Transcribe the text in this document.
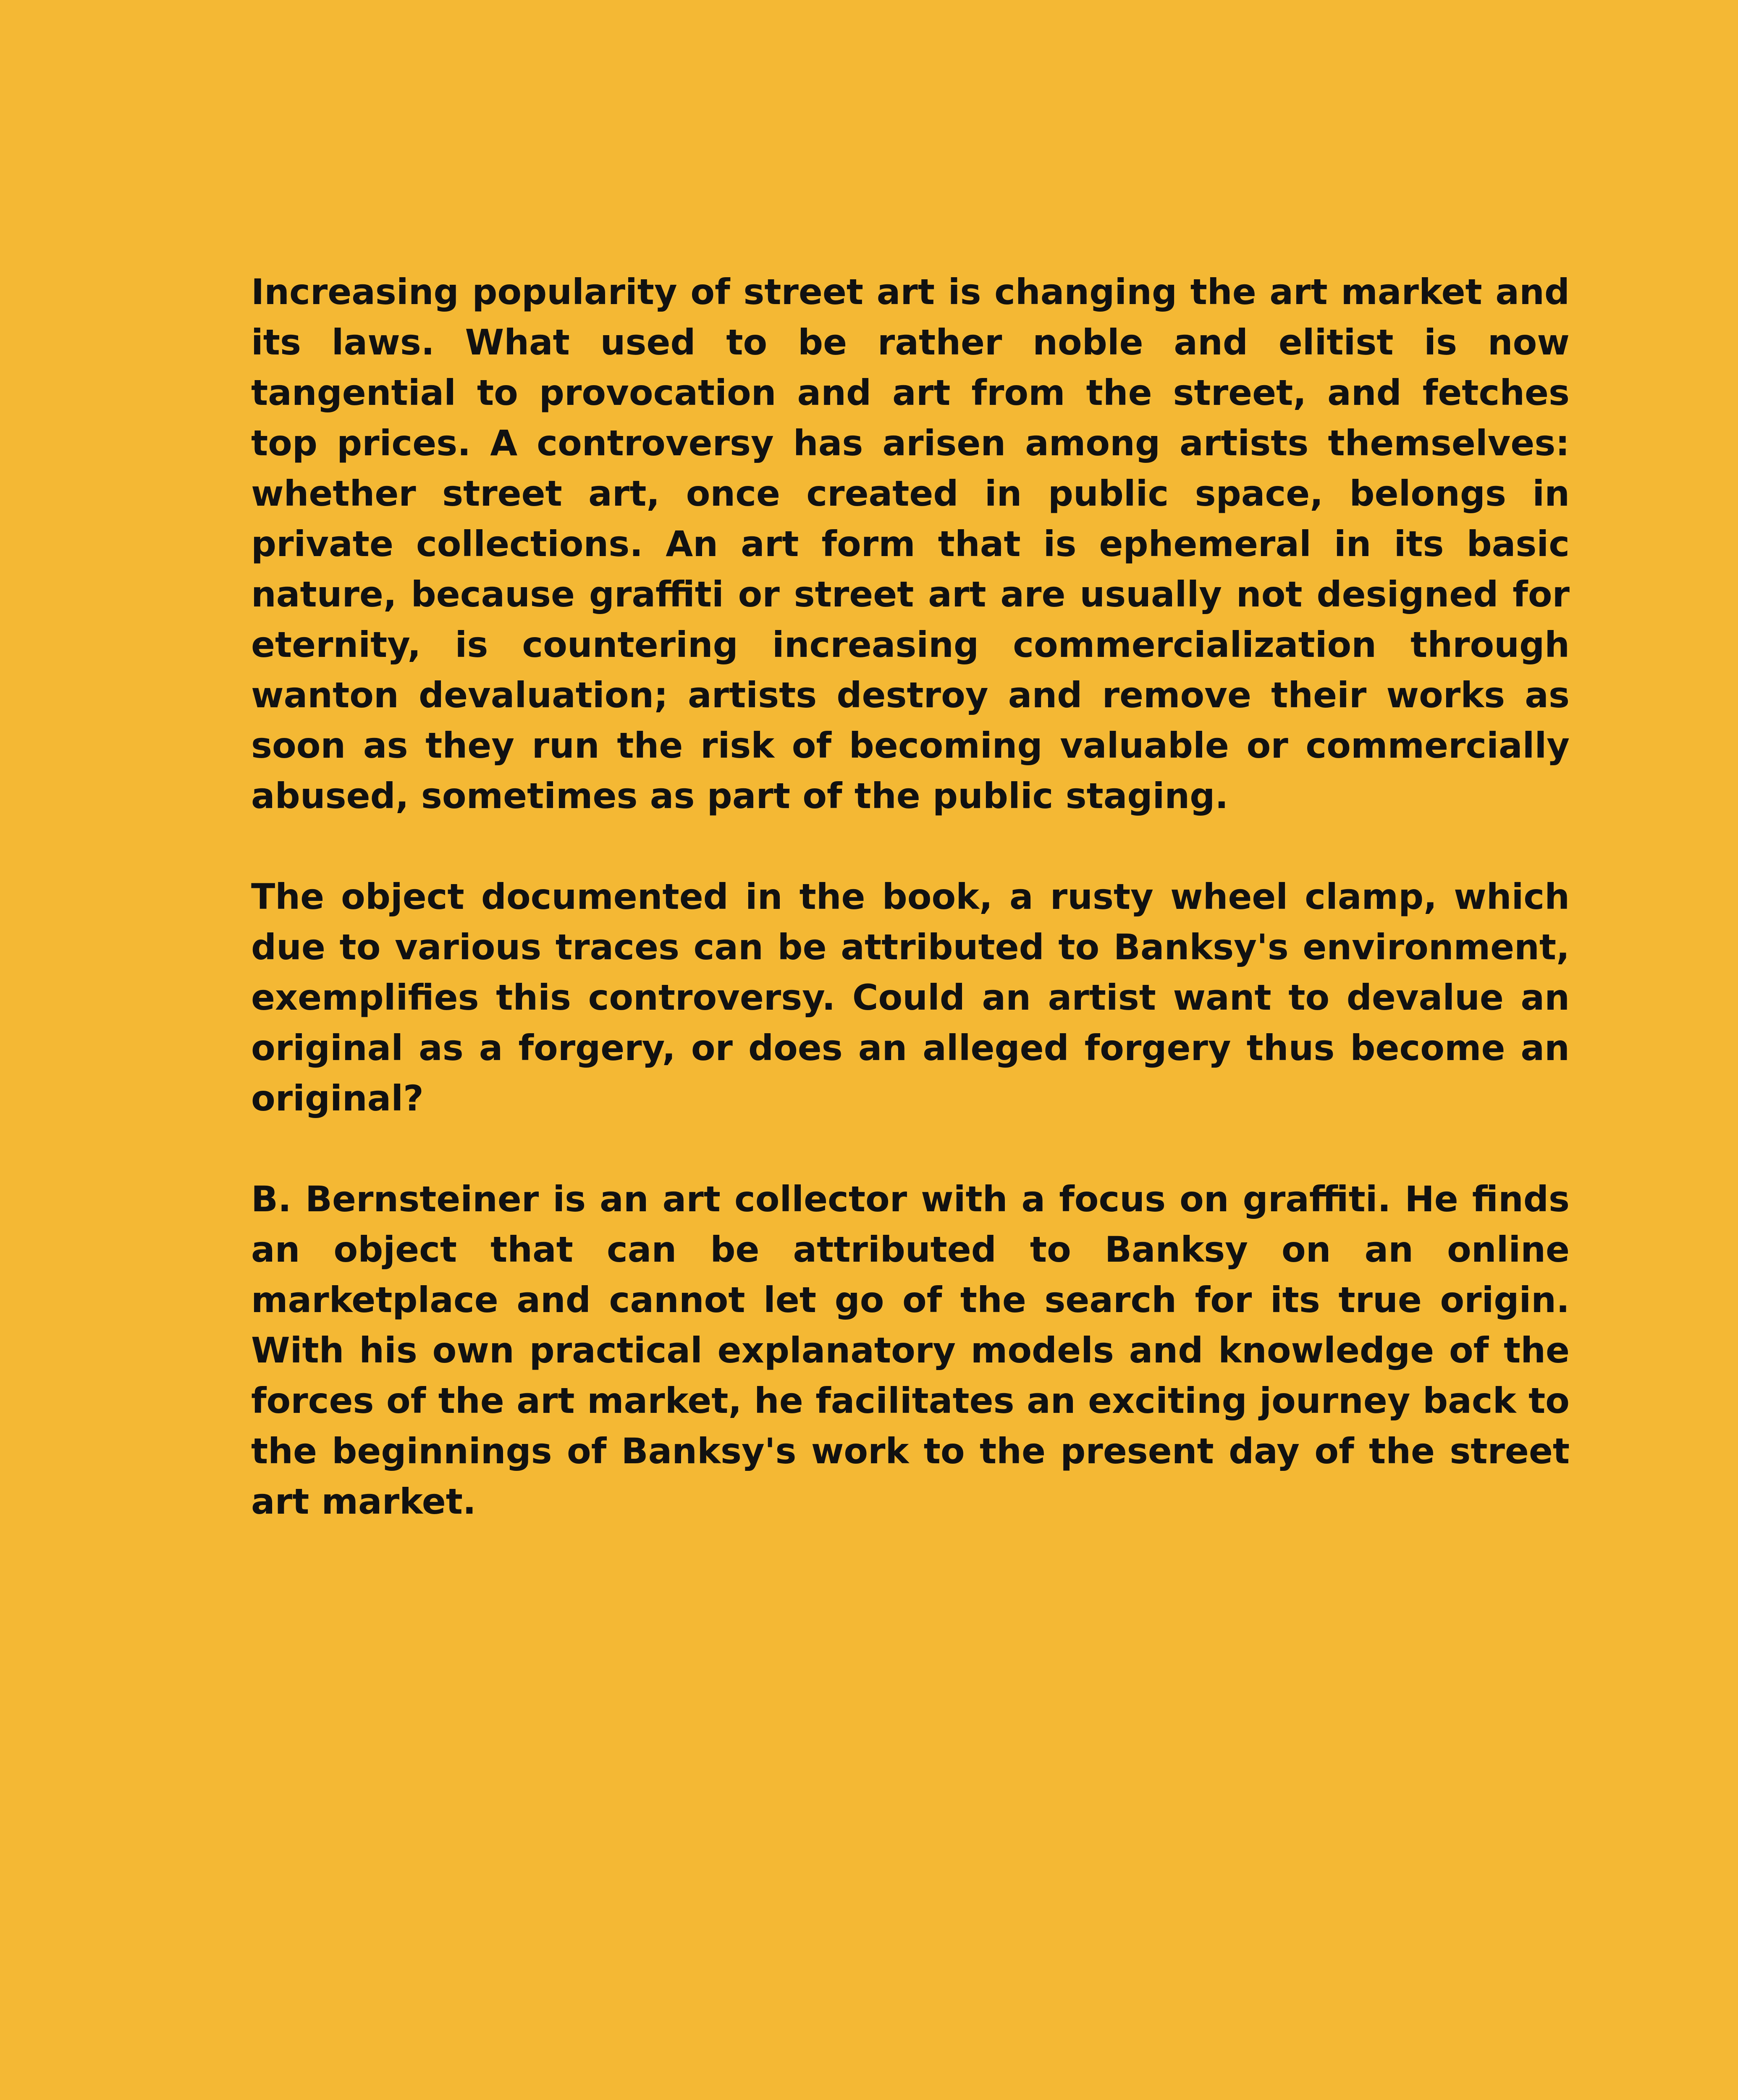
Increasing popularity of street art is changing the art market and its laws. What used to be rather noble and elitist is now tangential to provocation and art from the street, and fetches top prices. A controversy has arisen among artists themselves: whether street art, once created in public space, belongs in private collections. An art form that is ephemeral in its basic nature, because graffiti or street art are usually not designed for eternity, is countering increasing commercialization through wanton devaluation; artists destroy and remove their works as soon as they run the risk of becoming valuable or commercially abused, sometimes as part of the public staging.

The object documented in the book, a rusty wheel clamp, which due to various traces can be attributed to Banksy's environment, exemplifies this controversy. Could an artist want to devalue an original as a forgery, or does an alleged forgery thus become an original?

B. Bernsteiner is an art collector with a focus on graffiti. He finds an object that can be attributed to Banksy on an online marketplace and cannot let go of the search for its true origin. With his own practical explanatory models and knowledge of the forces of the art market, he facilitates an exciting journey back to the beginnings of Banksy's work to the present day of the street art market.
